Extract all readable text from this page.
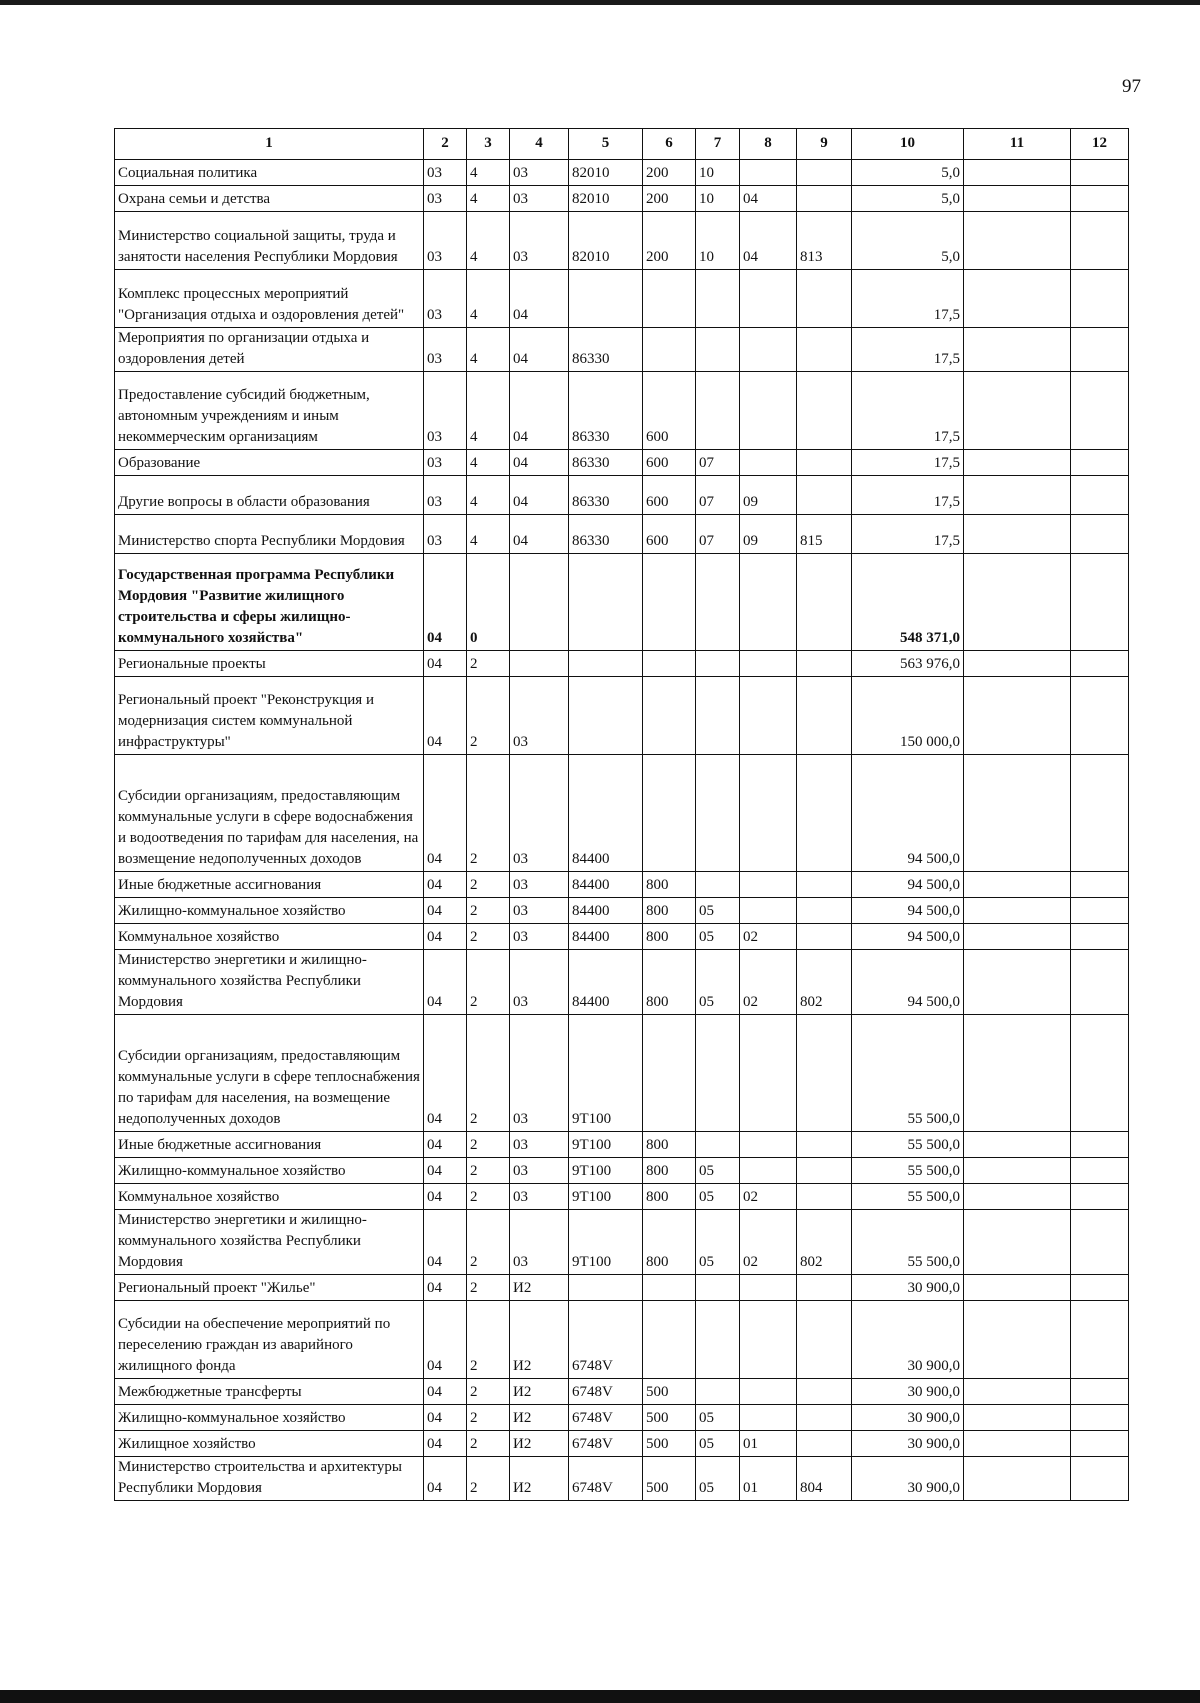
97
1	2	3	4	5	6	7	8	9	10	11	12
Социальная политика	03	4	03	82010	200	10			5,0		
Охрана семьи и детства	03	4	03	82010	200	10	04		5,0		
Министерство социальной защиты, труда и занятости населения Республики Мордовия	03	4	03	82010	200	10	04	813	5,0		
Комплекс процессных мероприятий "Организация отдыха и оздоровления детей"	03	4	04						17,5		
Мероприятия по организации отдыха и оздоровления детей	03	4	04	86330					17,5		
Предоставление субсидий бюджетным, автономным учреждениям и иным некоммерческим организациям	03	4	04	86330	600				17,5		
Образование	03	4	04	86330	600	07			17,5		
Другие вопросы в области образования	03	4	04	86330	600	07	09		17,5		
Министерство спорта Республики Мордовия	03	4	04	86330	600	07	09	815	17,5		
Государственная программа Республики Мордовия "Развитие жилищного строительства и сферы жилищно-коммунального хозяйства"	04	0							548 371,0		
Региональные проекты	04	2							563 976,0		
Региональный проект "Реконструкция и модернизация систем коммунальной инфраструктуры"	04	2	03						150 000,0		
Субсидии организациям, предоставляющим коммунальные услуги в сфере водоснабжения и водоотведения по тарифам для населения, на возмещение недополученных доходов	04	2	03	84400					94 500,0		
Иные бюджетные ассигнования	04	2	03	84400	800				94 500,0		
Жилищно-коммунальное хозяйство	04	2	03	84400	800	05			94 500,0		
Коммунальное хозяйство	04	2	03	84400	800	05	02		94 500,0		
Министерство энергетики и жилищно-коммунального хозяйства Республики Мордовия	04	2	03	84400	800	05	02	802	94 500,0		
Субсидии организациям, предоставляющим коммунальные услуги в сфере теплоснабжения по тарифам для населения, на возмещение недополученных доходов	04	2	03	9Т100					55 500,0		
Иные бюджетные ассигнования	04	2	03	9Т100	800				55 500,0		
Жилищно-коммунальное хозяйство	04	2	03	9Т100	800	05			55 500,0		
Коммунальное хозяйство	04	2	03	9Т100	800	05	02		55 500,0		
Министерство энергетики и жилищно-коммунального хозяйства Республики Мордовия	04	2	03	9Т100	800	05	02	802	55 500,0		
Региональный проект "Жилье"	04	2	И2						30 900,0		
Субсидии на обеспечение мероприятий по переселению граждан из аварийного жилищного фонда	04	2	И2	6748V					30 900,0		
Межбюджетные трансферты	04	2	И2	6748V	500				30 900,0		
Жилищно-коммунальное хозяйство	04	2	И2	6748V	500	05			30 900,0		
Жилищное хозяйство	04	2	И2	6748V	500	05	01		30 900,0		
Министерство строительства и архитектуры Республики Мордовия	04	2	И2	6748V	500	05	01	804	30 900,0		
